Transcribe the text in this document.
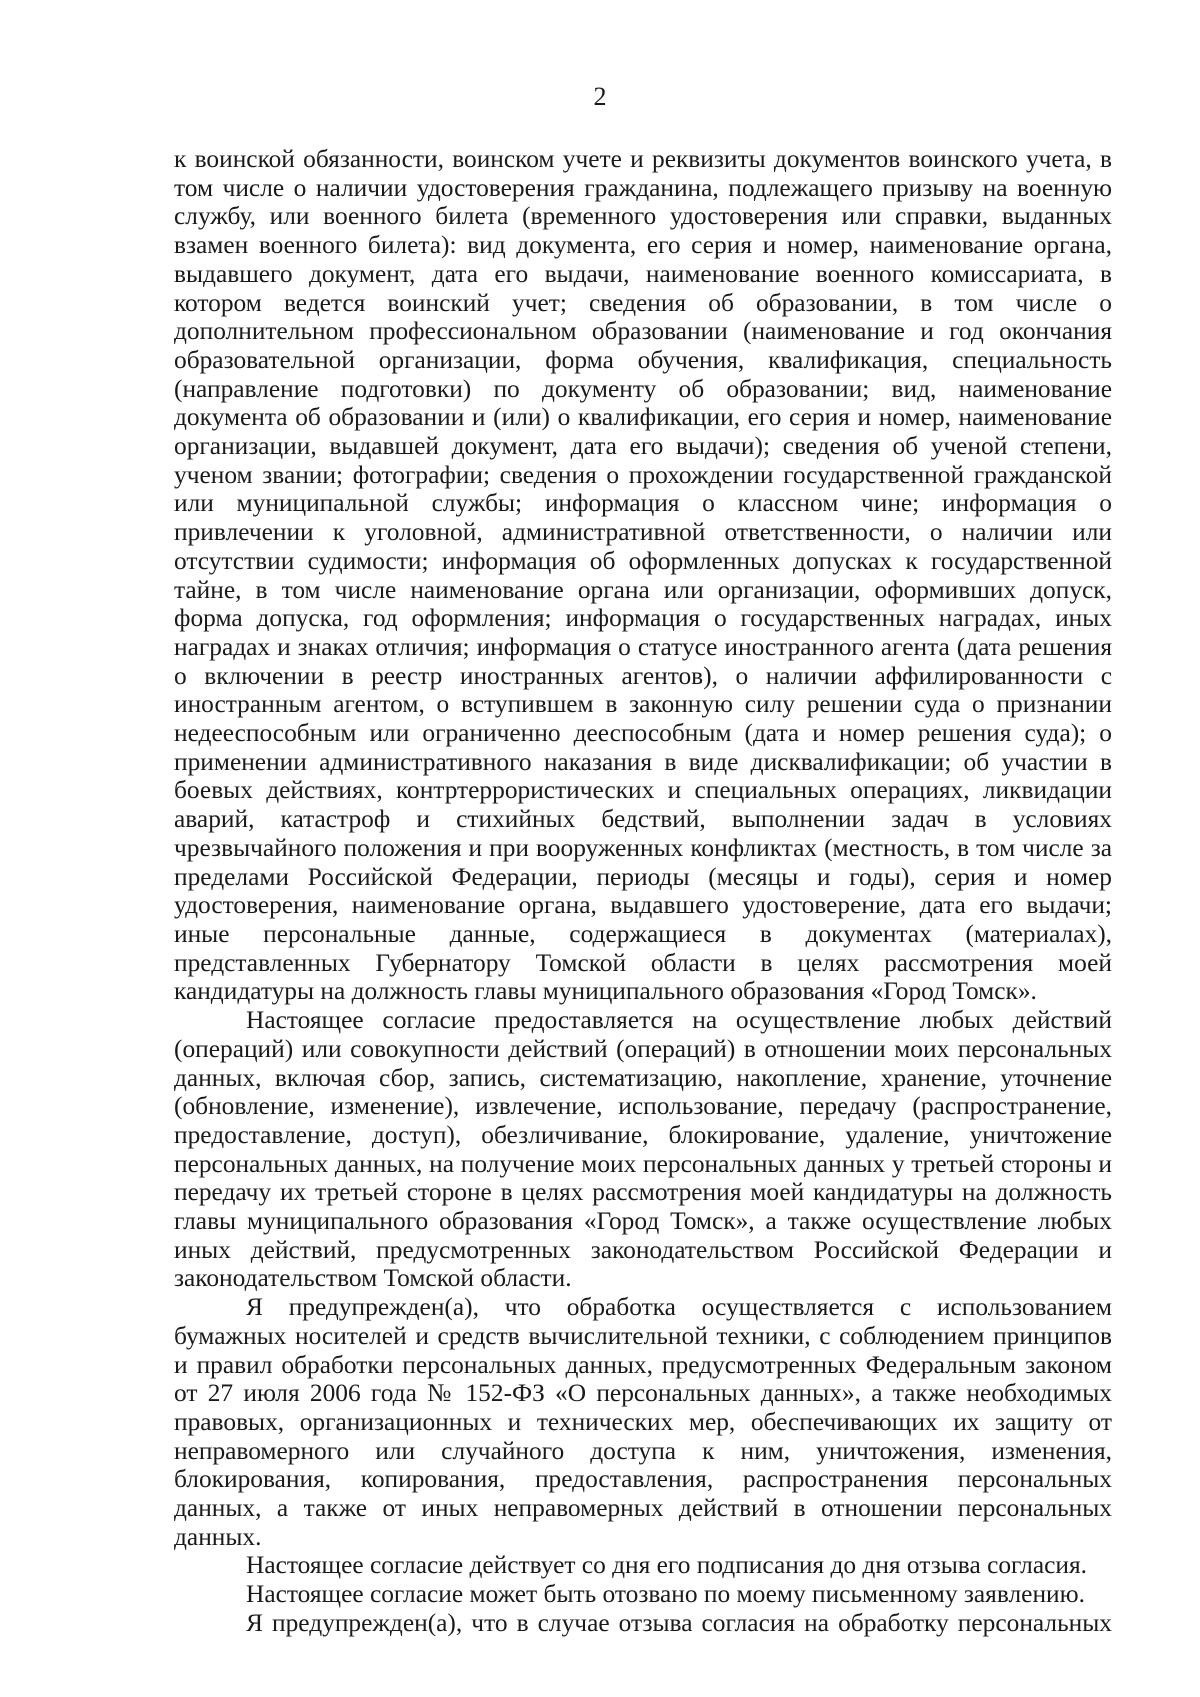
2

к воинской обязанности, воинском учете и реквизиты документов воинского учета, в том числе о наличии удостоверения гражданина, подлежащего призыву на военную службу, или военного билета (временного удостоверения или справки, выданных взамен военного билета): вид документа, его серия и номер, наименование органа, выдавшего документ, дата его выдачи, наименование военного комиссариата, в котором ведется воинский учет; сведения об образовании, в том числе о дополнительном профессиональном образовании (наименование и год окончания образовательной организации, форма обучения, квалификация, специальность (направление подготовки) по документу об образовании; вид, наименование документа об образовании и (или) о квалификации, его серия и номер, наименование организации, выдавшей документ, дата его выдачи); сведения об ученой степени, ученом звании; фотографии; сведения о прохождении государственной гражданской или муниципальной службы; информация о классном чине; информация о привлечении к уголовной, административной ответственности, о наличии или отсутствии судимости; информация об оформленных допусках к государственной тайне, в том числе наименование органа или организации, оформивших допуск, форма допуска, год оформления; информация о государственных наградах, иных наградах и знаках отличия; информация о статусе иностранного агента (дата решения о включении в реестр иностранных агентов), о наличии аффилированности с иностранным агентом, о вступившем в законную силу решении суда о признании недееспособным или ограниченно дееспособным (дата и номер решения суда); о применении административного наказания в виде дисквалификации; об участии в боевых действиях, контртеррористических и специальных операциях, ликвидации аварий, катастроф и стихийных бедствий, выполнении задач в условиях чрезвычайного положения и при вооруженных конфликтах (местность, в том числе за пределами Российской Федерации, периоды (месяцы и годы), серия и номер удостоверения, наименование органа, выдавшего удостоверение, дата его выдачи; иные персональные данные, содержащиеся в документах (материалах), представленных Губернатору Томской области в целях рассмотрения моей кандидатуры на должность главы муниципального образования «Город Томск».

Настоящее согласие предоставляется на осуществление любых действий (операций) или совокупности действий (операций) в отношении моих персональных данных, включая сбор, запись, систематизацию, накопление, хранение, уточнение (обновление, изменение), извлечение, использование, передачу (распространение, предоставление, доступ), обезличивание, блокирование, удаление, уничтожение персональных данных, на получение моих персональных данных у третьей стороны и передачу их третьей стороне в целях рассмотрения моей кандидатуры на должность главы муниципального образования «Город Томск», а также осуществление любых иных действий, предусмотренных законодательством Российской Федерации и законодательством Томской области.

Я предупрежден(а), что обработка осуществляется с использованием бумажных носителей и средств вычислительной техники, с соблюдением принципов и правил обработки персональных данных, предусмотренных Федеральным законом от 27 июля 2006 года № 152-ФЗ «О персональных данных», а также необходимых правовых, организационных и технических мер, обеспечивающих их защиту от неправомерного или случайного доступа к ним, уничтожения, изменения, блокирования, копирования, предоставления, распространения персональных данных, а также от иных неправомерных действий в отношении персональных данных.

Настоящее согласие действует со дня его подписания до дня отзыва согласия.

Настоящее согласие может быть отозвано по моему письменному заявлению.

Я предупрежден(а), что в случае отзыва согласия на обработку персональных
